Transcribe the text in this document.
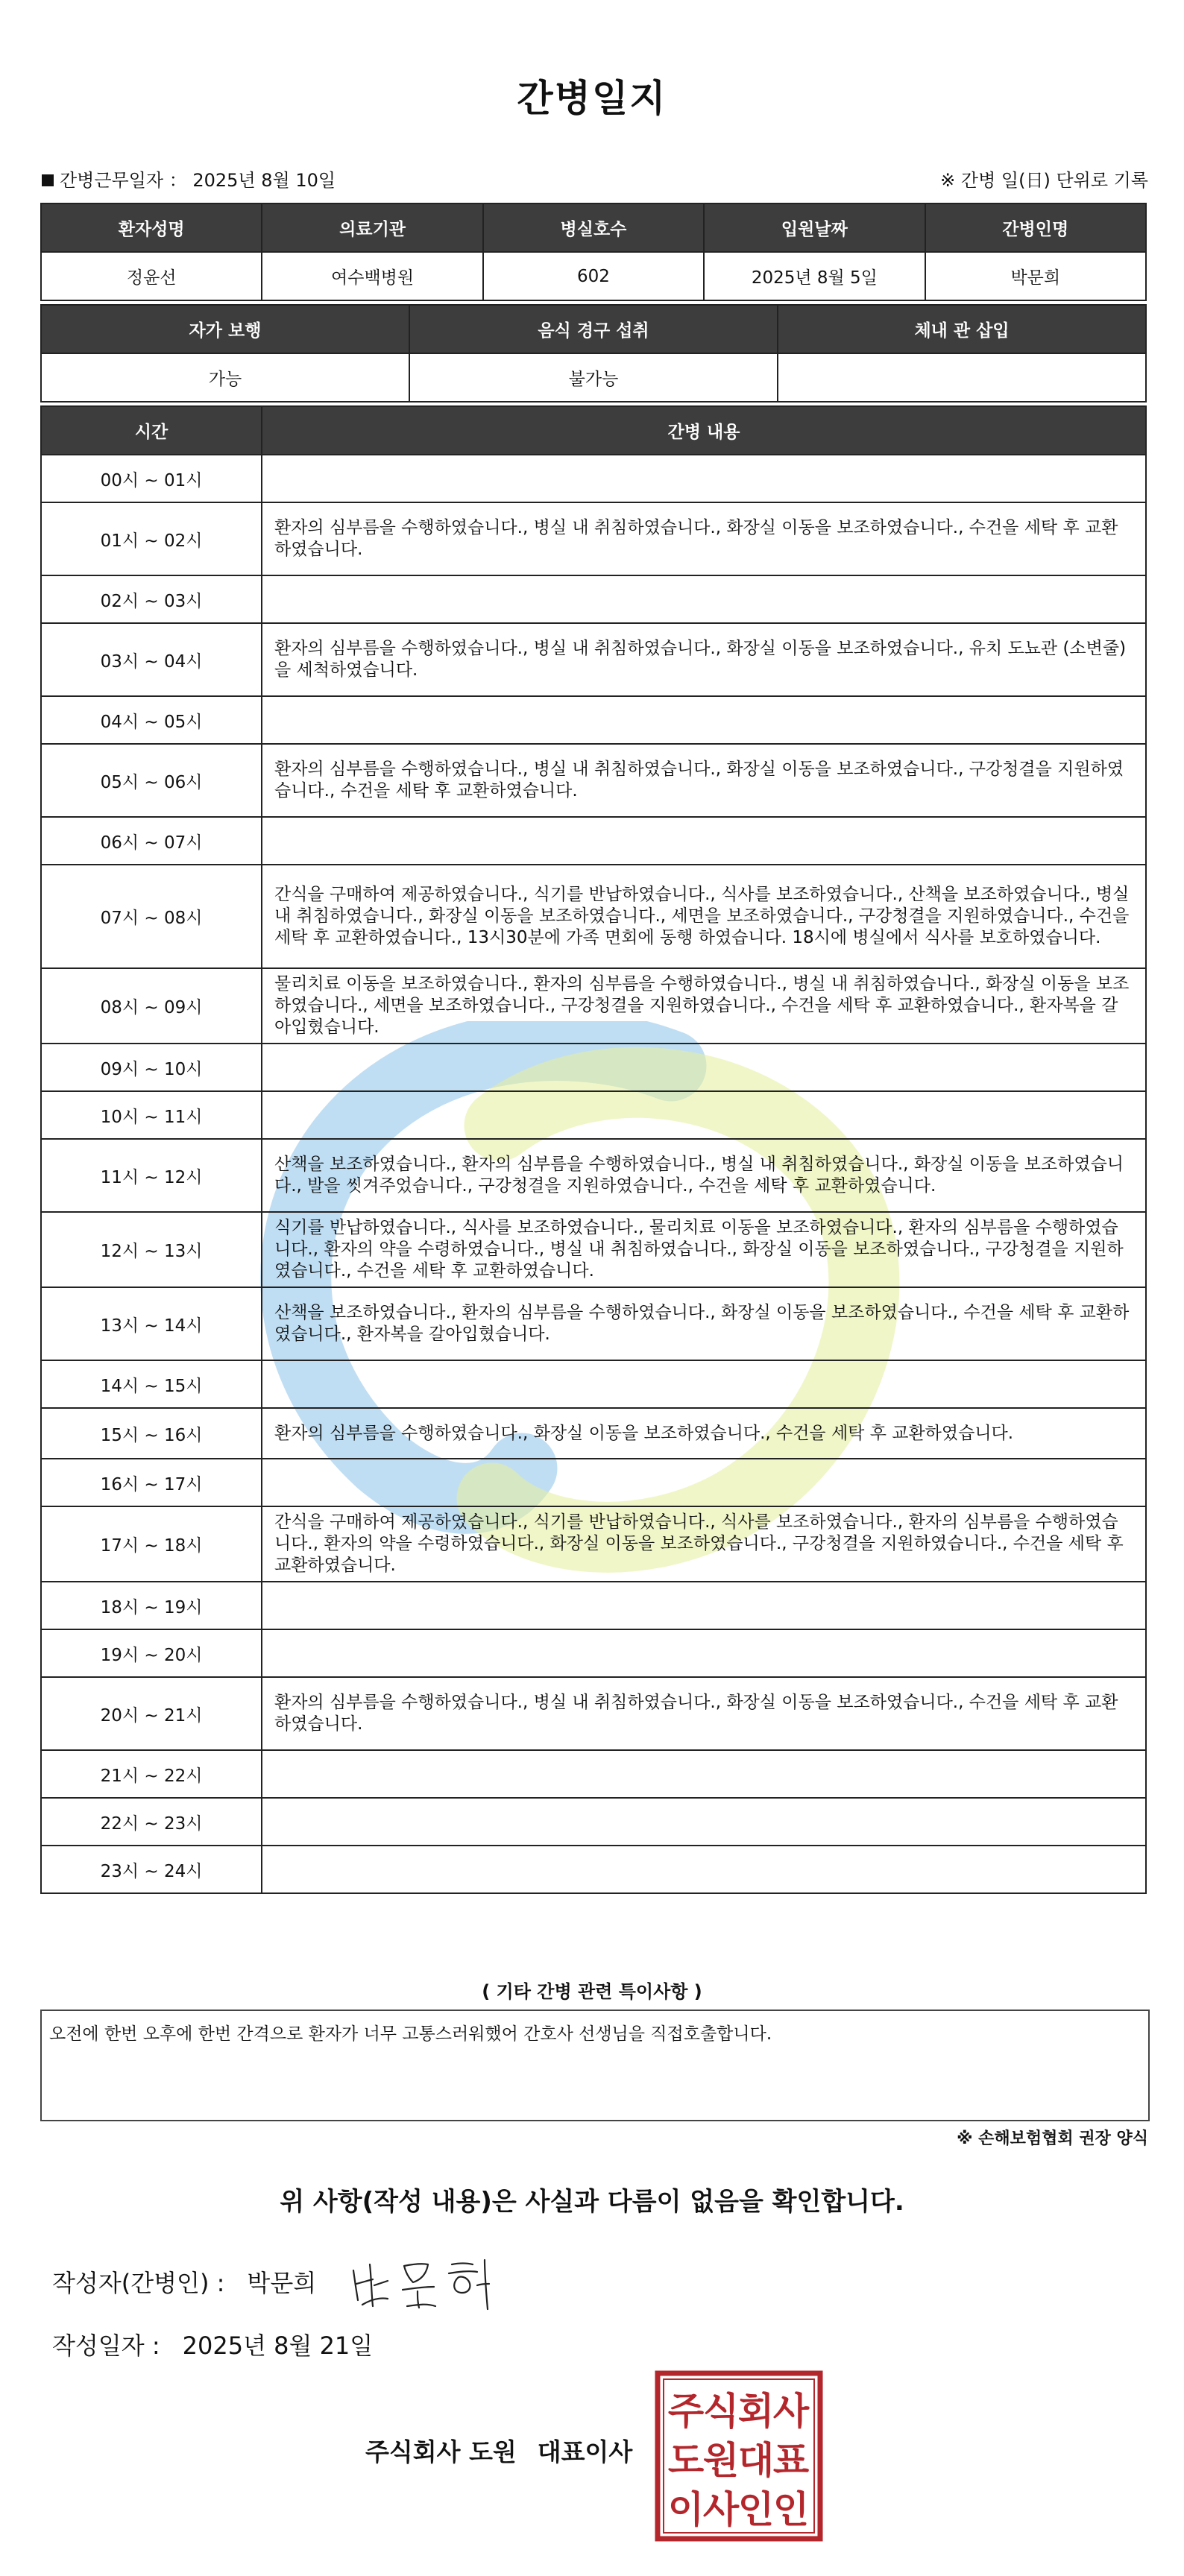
간병일지
간병근무일자 ： 2025년 8월 10일	※ 간병 일(日) 단위로 기록
환자성명	의료기관	병실호수	입원날짜	간병인명
정윤선	여수백병원	602	2025년 8월 5일	박문희
자가 보행	음식 경구 섭취	체내 관 삽입
가능	불가능	
시간	간병 내용
00시 ~ 01시	
01시 ~ 02시	환자의 심부름을 수행하였습니다., 병실 내 취침하였습니다., 화장실 이동을 보조하였습니다., 수건을 세탁 후 교환하였습니다.
02시 ~ 03시	
03시 ~ 04시	환자의 심부름을 수행하였습니다., 병실 내 취침하였습니다., 화장실 이동을 보조하였습니다., 유치 도뇨관 (소변줄)을 세척하였습니다.
04시 ~ 05시	
05시 ~ 06시	환자의 심부름을 수행하였습니다., 병실 내 취침하였습니다., 화장실 이동을 보조하였습니다., 구강청결을 지원하였습니다., 수건을 세탁 후 교환하였습니다.
06시 ~ 07시	
07시 ~ 08시	간식을 구매하여 제공하였습니다., 식기를 반납하였습니다., 식사를 보조하였습니다., 산책을 보조하였습니다., 병실 내 취침하였습니다., 화장실 이동을 보조하였습니다., 세면을 보조하였습니다., 구강청결을 지원하였습니다., 수건을 세탁 후 교환하였습니다., 13시30분에 가족 면회에 동행 하였습니다. 18시에 병실에서 식사를 보호하였습니다.
08시 ~ 09시	물리치료 이동을 보조하였습니다., 환자의 심부름을 수행하였습니다., 병실 내 취침하였습니다., 화장실 이동을 보조하였습니다., 세면을 보조하였습니다., 구강청결을 지원하였습니다., 수건을 세탁 후 교환하였습니다., 환자복을 갈아입혔습니다.
09시 ~ 10시	
10시 ~ 11시	
11시 ~ 12시	산책을 보조하였습니다., 환자의 심부름을 수행하였습니다., 병실 내 취침하였습니다., 화장실 이동을 보조하였습니다., 발을 씻겨주었습니다., 구강청결을 지원하였습니다., 수건을 세탁 후 교환하였습니다.
12시 ~ 13시	식기를 반납하였습니다., 식사를 보조하였습니다., 물리치료 이동을 보조하였습니다., 환자의 심부름을 수행하였습니다., 환자의 약을 수령하였습니다., 병실 내 취침하였습니다., 화장실 이동을 보조하였습니다., 구강청결을 지원하였습니다., 수건을 세탁 후 교환하였습니다.
13시 ~ 14시	산책을 보조하였습니다., 환자의 심부름을 수행하였습니다., 화장실 이동을 보조하였습니다., 수건을 세탁 후 교환하였습니다., 환자복을 갈아입혔습니다.
14시 ~ 15시	
15시 ~ 16시	환자의 심부름을 수행하였습니다., 화장실 이동을 보조하였습니다., 수건을 세탁 후 교환하였습니다.
16시 ~ 17시	
17시 ~ 18시	간식을 구매하여 제공하였습니다., 식기를 반납하였습니다., 식사를 보조하였습니다., 환자의 심부름을 수행하였습니다., 환자의 약을 수령하였습니다., 화장실 이동을 보조하였습니다., 구강청결을 지원하였습니다., 수건을 세탁 후 교환하였습니다.
18시 ~ 19시	
19시 ~ 20시	
20시 ~ 21시	환자의 심부름을 수행하였습니다., 병실 내 취침하였습니다., 화장실 이동을 보조하였습니다., 수건을 세탁 후 교환하였습니다.
21시 ~ 22시	
22시 ~ 23시	
23시 ~ 24시	
( 기타 간병 관련 특이사항 )
오전에 한번 오후에 한번 간격으로 환자가 너무 고통스러워했어 간호사 선생님을 직접호출합니다.
※ 손해보험협회 권장 양식
위 사항(작성 내용)은 사실과 다름이 없음을 확인합니다.
작성자(간병인) : 박문희
작성일자 : 2025년 8월 21일
주식회사 도원 대표이사
주
식
회
사
도
원
대
표
이
사
인
인
